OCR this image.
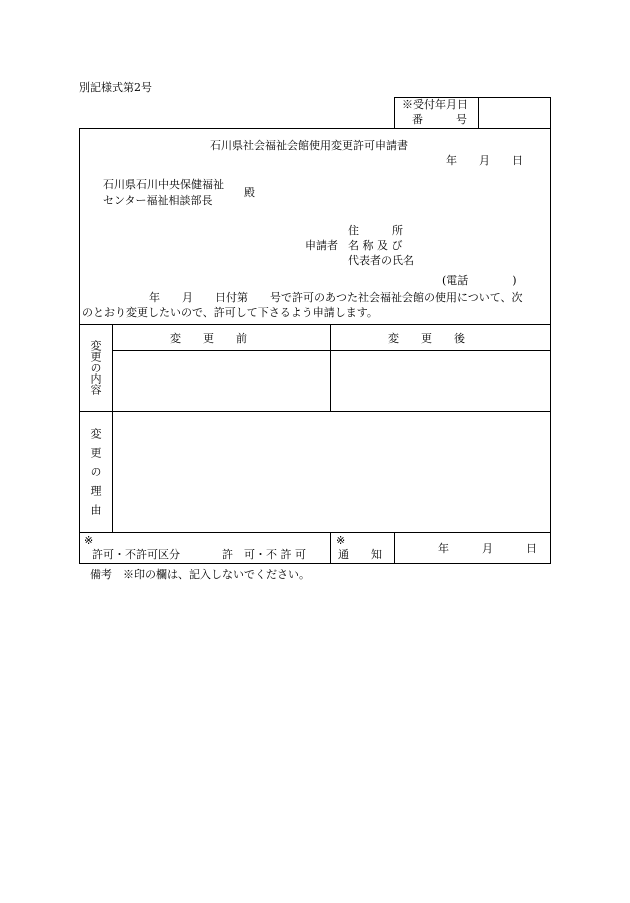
別記様式第2号
※受付年月日
番　　　号
石川県社会福祉会館使用変更許可申請書
年　　月　　日
石川県石川中央保健福祉
センター福祉相談部長
殿
住　　　所
申請者 名 称 及 び
代表者の氏名
(電話　　　　)
年　　月　　日付第　　号で許可のあつた社会福祉会館の使用について、次
のとおり変更したいので、許可して下さるよう申請します。
変更の内容
変　　更　　前	変　　更　　後
変更の理由
※
許可・不許可区分	許　可・不 許 可
※
通　　知	年　　　月　　　日
備考　※印の欄は、記入しないでください。
